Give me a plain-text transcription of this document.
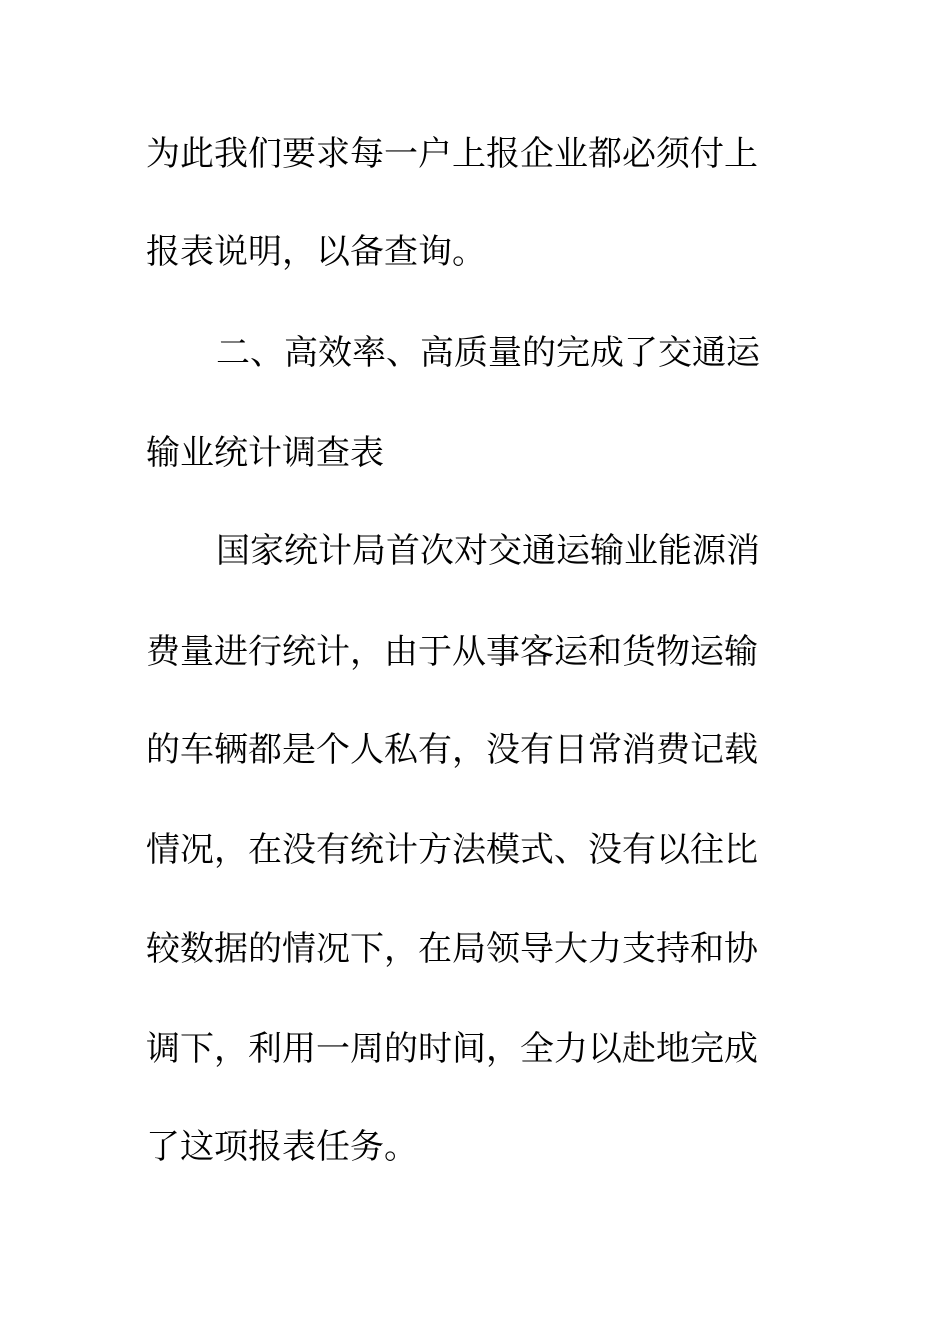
为此我们要求每一户上报企业都必须付上
报表说明，以备查询。
二、高效率、高质量的完成了交通运
输业统计调查表
国家统计局首次对交通运输业能源消
费量进行统计，由于从事客运和货物运输
的车辆都是个人私有，没有日常消费记载
情况，在没有统计方法模式、没有以往比
较数据的情况下，在局领导大力支持和协
调下，利用一周的时间，全力以赴地完成
了这项报表任务。
